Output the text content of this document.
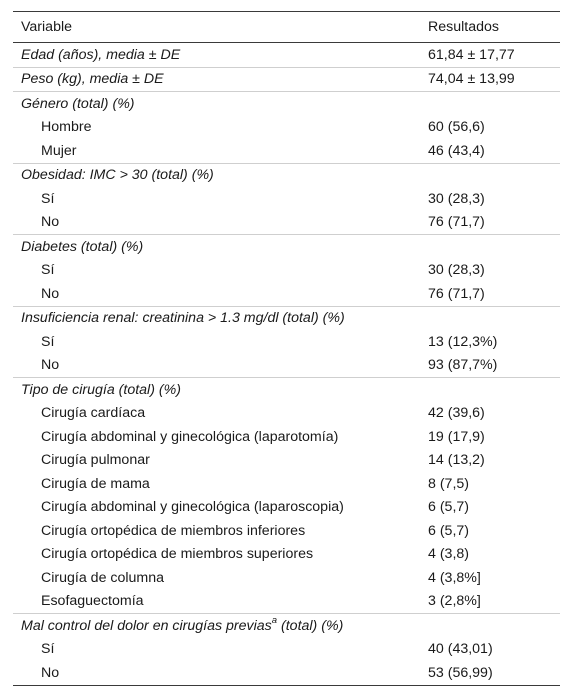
Variable	Resultados
Edad (años), media ± DE	61,84 ± 17,77
Peso (kg), media ± DE	74,04 ± 13,99
Género (total) (%)
Hombre	60 (56,6)
Mujer	46 (43,4)
Obesidad: IMC > 30 (total) (%)
Sí	30 (28,3)
No	76 (71,7)
Diabetes (total) (%)
Sí	30 (28,3)
No	76 (71,7)
Insuficiencia renal: creatinina > 1.3 mg/dl (total) (%)
Sí	13 (12,3%)
No	93 (87,7%)
Tipo de cirugía (total) (%)
Cirugía cardíaca	42 (39,6)
Cirugía abdominal y ginecológica (laparotomía)	19 (17,9)
Cirugía pulmonar	14 (13,2)
Cirugía de mama	8 (7,5)
Cirugía abdominal y ginecológica (laparoscopia)	6 (5,7)
Cirugía ortopédica de miembros inferiores	6 (5,7)
Cirugía ortopédica de miembros superiores	4 (3,8)
Cirugía de columna	4 (3,8%]
Esofaguectomía	3 (2,8%]
Mal control del dolor en cirugías previas$^a$ (total) (%)
Sí	40 (43,01)
No	53 (56,99)
